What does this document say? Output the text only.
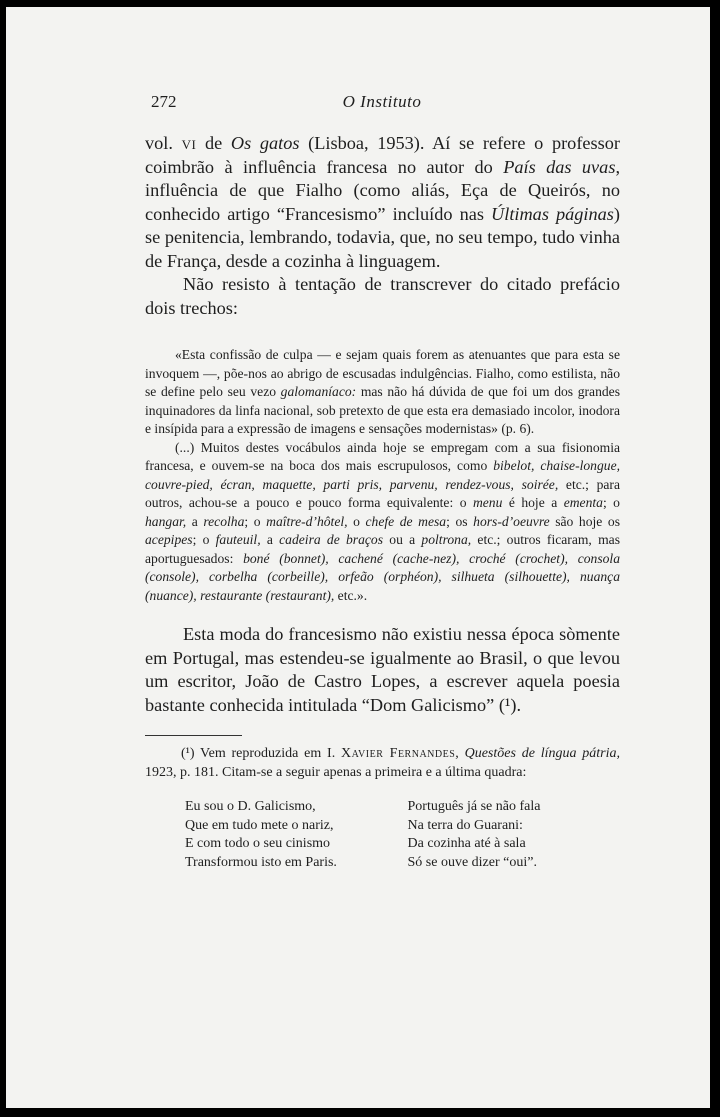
272	O Instituto

vol. vi de Os gatos (Lisboa, 1953). Aí se refere o professor coimbrão à influência francesa no autor do País das uvas, influência de que Fialho (como aliás, Eça de Queirós, no conhecido artigo “Francesismo” incluído nas Últimas páginas) se penitencia, lembrando, todavia, que, no seu tempo, tudo vinha de França, desde a cozinha à linguagem.

Não resisto à tentação de transcrever do citado prefácio dois trechos:

«Esta confissão de culpa — e sejam quais forem as atenuantes que para esta se invoquem —, põe-nos ao abrigo de escusadas indulgências. Fialho, como estilista, não se define pelo seu vezo galomaníaco: mas não há dúvida de que foi um dos grandes inquinadores da linfa nacional, sob pretexto de que esta era demasiado incolor, inodora e insípida para a expressão de imagens e sensações modernistas» (p. 6).

(...) Muitos destes vocábulos ainda hoje se empregam com a sua fisionomia francesa, e ouvem-se na boca dos mais escrupulosos, como bibelot, chaise-longue, couvre-pied, écran, maquette, parti pris, parvenu, rendez-vous, soirée, etc.; para outros, achou-se a pouco e pouco forma equivalente: o menu é hoje a ementa; o hangar, a recolha; o maître-d’hôtel, o chefe de mesa; os hors-d’oeuvre são hoje os acepipes; o fauteuil, a cadeira de braços ou a poltrona, etc.; outros ficaram, mas aportuguesados: boné (bonnet), cachené (cache-nez), croché (crochet), consola (console), corbelha (corbeille), orfeão (orphéon), silhueta (silhouette), nuança (nuance), restaurante (restaurant), etc.».

Esta moda do francesismo não existiu nessa época sòmente em Portugal, mas estendeu-se igualmente ao Brasil, o que levou um escritor, João de Castro Lopes, a escrever aquela poesia bastante conhecida intitulada “Dom Galicismo” (¹).

(¹) Vem reproduzida em I. Xavier Fernandes, Questões de língua pátria, 1923, p. 181. Citam-se a seguir apenas a primeira e a última quadra:

Eu sou o D. Galicismo,
Que em tudo mete o nariz,
E com todo o seu cinismo
Transformou isto em Paris.
Português já se não fala
Na terra do Guarani:
Da cozinha até à sala
Só se ouve dizer “oui”.
